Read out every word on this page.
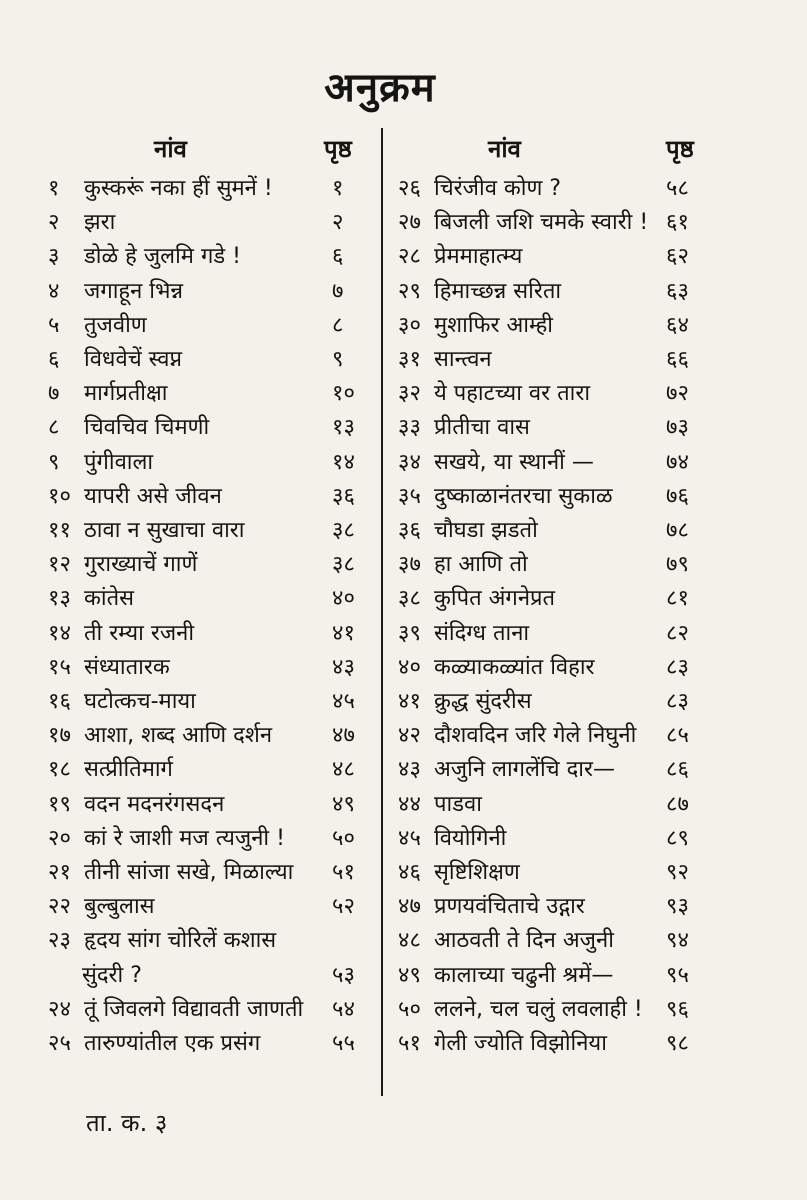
अनुक्रम
नांव	पृष्ठ
१ कुस्करूं नका हीं सुमनें !	१
२ झरा	२
३ डोळे हे जुलमि गडे !	६
४ जगाहून भिन्न	७
५ तुजवीण	८
६ विधवेचें स्वप्न	९
७ मार्गप्रतीक्षा	१०
८ चिवचिव चिमणी	१३
९ पुंगीवाला	१४
१० यापरी असे जीवन	३६
११ ठावा न सुखाचा वारा	३८
१२ गुराख्याचें गाणें	३८
१३ कांतेस	४०
१४ ती रम्या रजनी	४१
१५ संध्यातारक	४३
१६ घटोत्कच-माया	४५
१७ आशा, शब्द आणि दर्शन	४७
१८ सत्प्रीतिमार्ग	४८
१९ वदन मदनरंगसदन	४९
२० कां रे जाशी मज त्यजुनी ! ५०
२१ तीनी सांजा सखे, मिळाल्या ५१
२२ बुल्बुलास	५२
२३ हृदय सांग चोरिलें कशास
सुंदरी ?	५३
२४ तूं जिवलगे विद्यावती जाणती ५४
२५ तारुण्यांतील एक प्रसंग	५५
नांव	पृष्ठ
२६ चिरंजीव कोण ?	५८
२७ बिजली जशि चमके स्वारी ! ६१
२८ प्रेममाहात्म्य	६२
२९ हिमाच्छन्न सरिता	६३
३० मुशाफिर आम्ही	६४
३१ सान्त्वन	६६
३२ ये पहाटच्या वर तारा	७२
३३ प्रीतीचा वास	७३
३४ सखये, या स्थानीं —	७४
३५ दुष्काळानंतरचा सुकाळ ७६
३६ चौघडा झडतो	७८
३७ हा आणि तो	७९
३८ कुपित अंगनेप्रत	८१
३९ संदिग्ध ताना	८२
४० कळ्याकळ्यांत विहार	८३
४१ क्रुद्ध सुंदरीस	८३
४२ दौशवदिन जरि गेले निघुनी ८५
४३ अजुनि लागलेंचि दार— ८६
४४ पाडवा	८७
४५ वियोगिनी	८९
४६ सृष्टिशिक्षण	९२
४७ प्रणयवंचिताचे उद्गार	९३
४८ आठवती ते दिन अजुनी ९४
४९ कालाच्या चढुनी श्रमें— ९५
५० ललने, चल चलुं लवलाही ! ९६
५१ गेली ज्योति विझोनिया	९८
ता. क. ३
